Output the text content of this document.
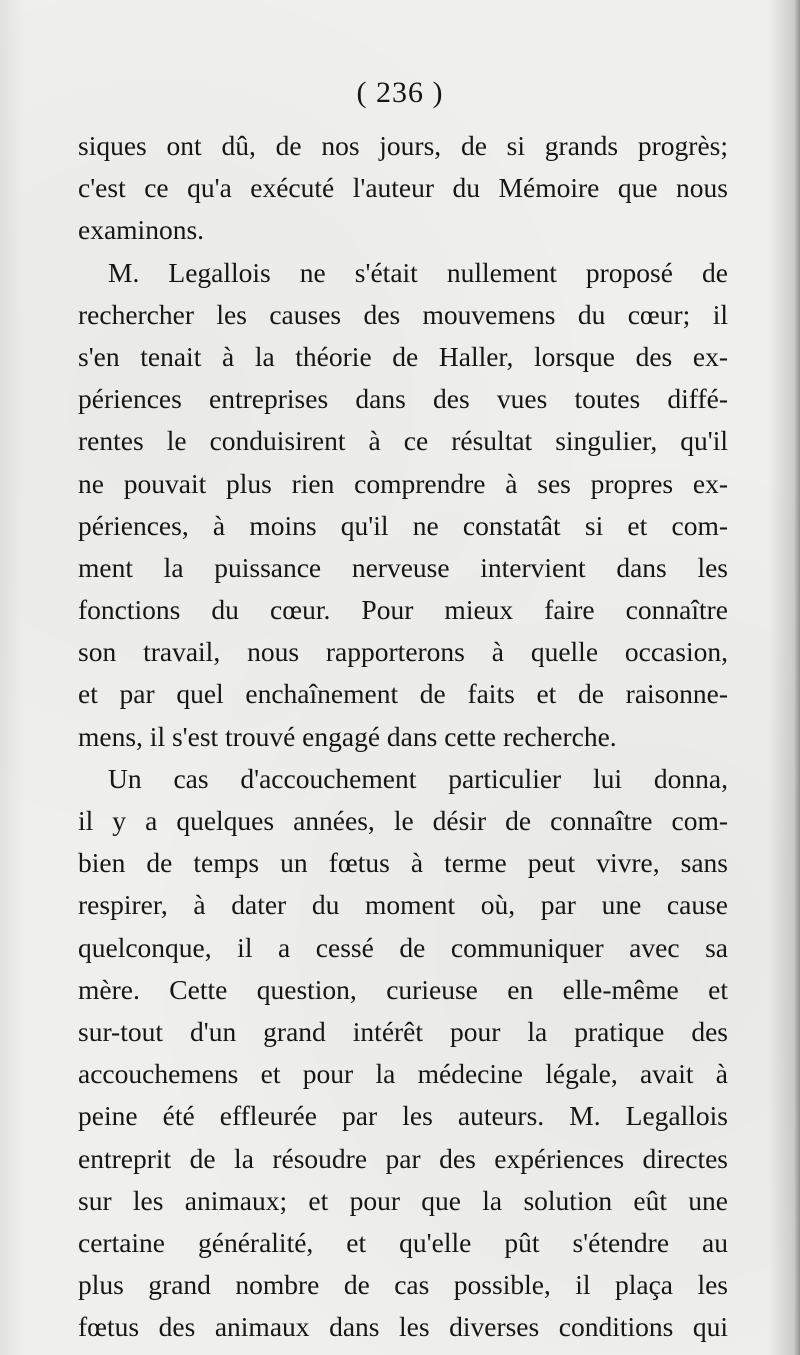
( 236 )
siques ont dû, de nos jours, de si grands progrès;
c'est ce qu'a exécuté l'auteur du Mémoire que nous
examinons.
M. Legallois ne s'était nullement proposé de
rechercher les causes des mouvemens du cœur; il
s'en tenait à la théorie de Haller, lorsque des ex-
périences entreprises dans des vues toutes diffé-
rentes le conduisirent à ce résultat singulier, qu'il
ne pouvait plus rien comprendre à ses propres ex-
périences, à moins qu'il ne constatât si et com-
ment la puissance nerveuse intervient dans les
fonctions du cœur. Pour mieux faire connaître
son travail, nous rapporterons à quelle occasion,
et par quel enchaînement de faits et de raisonne-
mens, il s'est trouvé engagé dans cette recherche.
Un cas d'accouchement particulier lui donna,
il y a quelques années, le désir de connaître com-
bien de temps un fœtus à terme peut vivre, sans
respirer, à dater du moment où, par une cause
quelconque, il a cessé de communiquer avec sa
mère. Cette question, curieuse en elle-même et
sur-tout d'un grand intérêt pour la pratique des
accouchemens et pour la médecine légale, avait à
peine été effleurée par les auteurs. M. Legallois
entreprit de la résoudre par des expériences directes
sur les animaux; et pour que la solution eût une
certaine généralité, et qu'elle pût s'étendre au
plus grand nombre de cas possible, il plaça les
fœtus des animaux dans les diverses conditions qui
